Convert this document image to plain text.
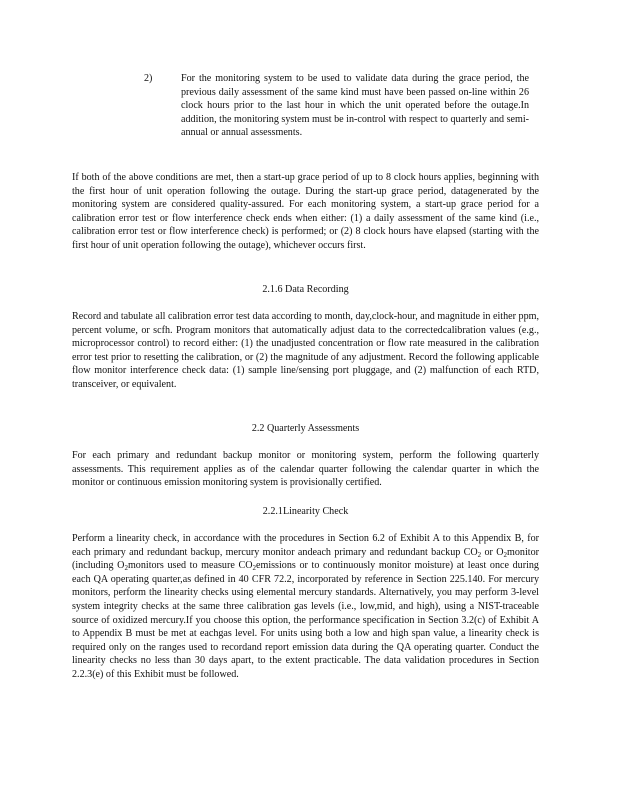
2)	For the monitoring system to be used to validate data during the grace period, the previous daily assessment of the same kind must have been passed on-line within 26 clock hours prior to the last hour in which the unit operated before the outage.In addition, the monitoring system must be in-control with respect to quarterly and semi-annual or annual assessments.
If both of the above conditions are met, then a start-up grace period of up to 8 clock hours applies, beginning with the first hour of unit operation following the outage. During the start-up grace period, datagenerated by the monitoring system are considered quality-assured. For each monitoring system, a start-up grace period for a calibration error test or flow interference check ends when either: (1) a daily assessment of the same kind (i.e., calibration error test or flow interference check) is performed; or (2) 8 clock hours have elapsed (starting with the first hour of unit operation following the outage), whichever occurs first.
2.1.6 Data Recording
Record and tabulate all calibration error test data according to month, day,clock-hour, and magnitude in either ppm, percent volume, or scfh. Program monitors that automatically adjust data to the correctedcalibration values (e.g., microprocessor control) to record either: (1) the unadjusted concentration or flow rate measured in the calibration error test prior to resetting the calibration, or (2) the magnitude of any adjustment. Record the following applicable flow monitor interference check data: (1) sample line/sensing port pluggage, and (2) malfunction of each RTD, transceiver, or equivalent.
2.2 Quarterly Assessments
For each primary and redundant backup monitor or monitoring system, perform the following quarterly assessments. This requirement applies as of the calendar quarter following the calendar quarter in which the monitor or continuous emission monitoring system is provisionally certified.
2.2.1Linearity Check
Perform a linearity check, in accordance with the procedures in Section 6.2 of Exhibit A to this Appendix B, for each primary and redundant backup, mercury monitor andeach primary and redundant backup $CO_2$ or $O_2monitor$ (including $O_2monitors$ used to measure $CO_2emissions$ or to continuously monitor moisture) at least once during each QA operating quarter,as defined in 40 CFR 72.2, incorporated by reference in Section 225.140. For mercury monitors, perform the linearity checks using elemental mercury standards. Alternatively, you may perform 3-level system integrity checks at the same three calibration gas levels (i.e., low,mid, and high), using a NIST-traceable source of oxidized mercury.If you choose this option, the performance specification in Section 3.2(c) of Exhibit A to Appendix B must be met at eachgas level. For units using both a low and high span value, a linearity check is required only on the ranges used to recordand report emission data during the QA operating quarter. Conduct the linearity checks no less than 30 days apart, to the extent practicable. The data validation procedures in Section 2.2.3(e) of this Exhibit must be followed.
